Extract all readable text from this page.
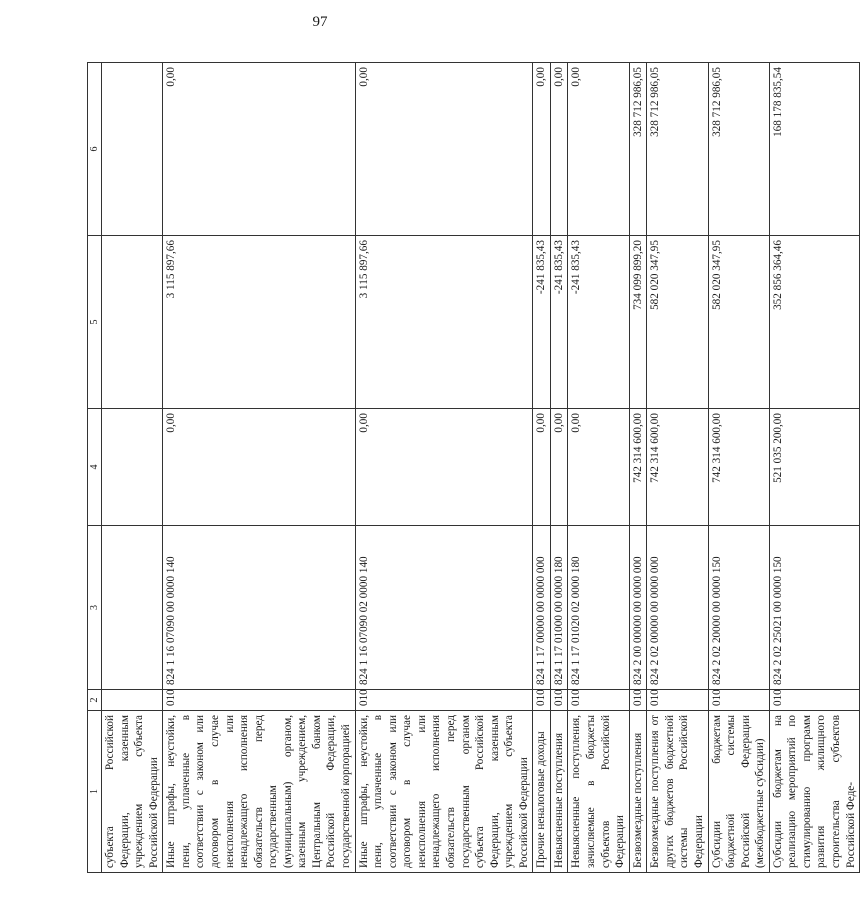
97
1	2	3	4	5	6
субъекта Российской Федерации, казенным учреждением субъекта Российской Федерации					
Иные штрафы, неустойки, пени, уплаченные в соответствии с законом или договором в случае неисполнения или ненадлежащего исполнения обязательств перед государственным (муниципальным) органом, казенным учреждением, Центральным банком Российской Федерации, государственной корпорацией	010	824 1 16 07090 00 0000 140	0,00	3 115 897,66	0,00
Иные штрафы, неустойки, пени, уплаченные в соответствии с законом или договором в случае неисполнения или ненадлежащего исполнения обязательств перед государственным органом субъекта Российской Федерации, казенным учреждением субъекта Российской Федерации	010	824 1 16 07090 02 0000 140	0,00	3 115 897,66	0,00
Прочие неналоговые доходы	010	824 1 17 00000 00 0000 000	0,00	-241 835,43	0,00
Невыясненные поступления	010	824 1 17 01000 00 0000 180	0,00	-241 835,43	0,00
Невыясненные поступления, зачисляемые в бюджеты субъектов Российской Федерации	010	824 1 17 01020 02 0000 180	0,00	-241 835,43	0,00
Безвозмездные поступления	010	824 2 00 00000 00 0000 000	742 314 600,00	734 099 899,20	328 712 986,05
Безвозмездные поступления от других бюджетов бюджетной системы Российской Федерации	010	824 2 02 00000 00 0000 000	742 314 600,00	582 020 347,95	328 712 986,05
Субсидии бюджетам бюджетной системы Российской Федерации (межбюджетные субсидии)	010	824 2 02 20000 00 0000 150	742 314 600,00	582 020 347,95	328 712 986,05
Субсидии бюджетам на реализацию мероприятий по стимулированию программ развития жилищного строительства субъектов Российской Феде-	010	824 2 02 25021 00 0000 150	521 035 200,00	352 856 364,46	168 178 835,54
